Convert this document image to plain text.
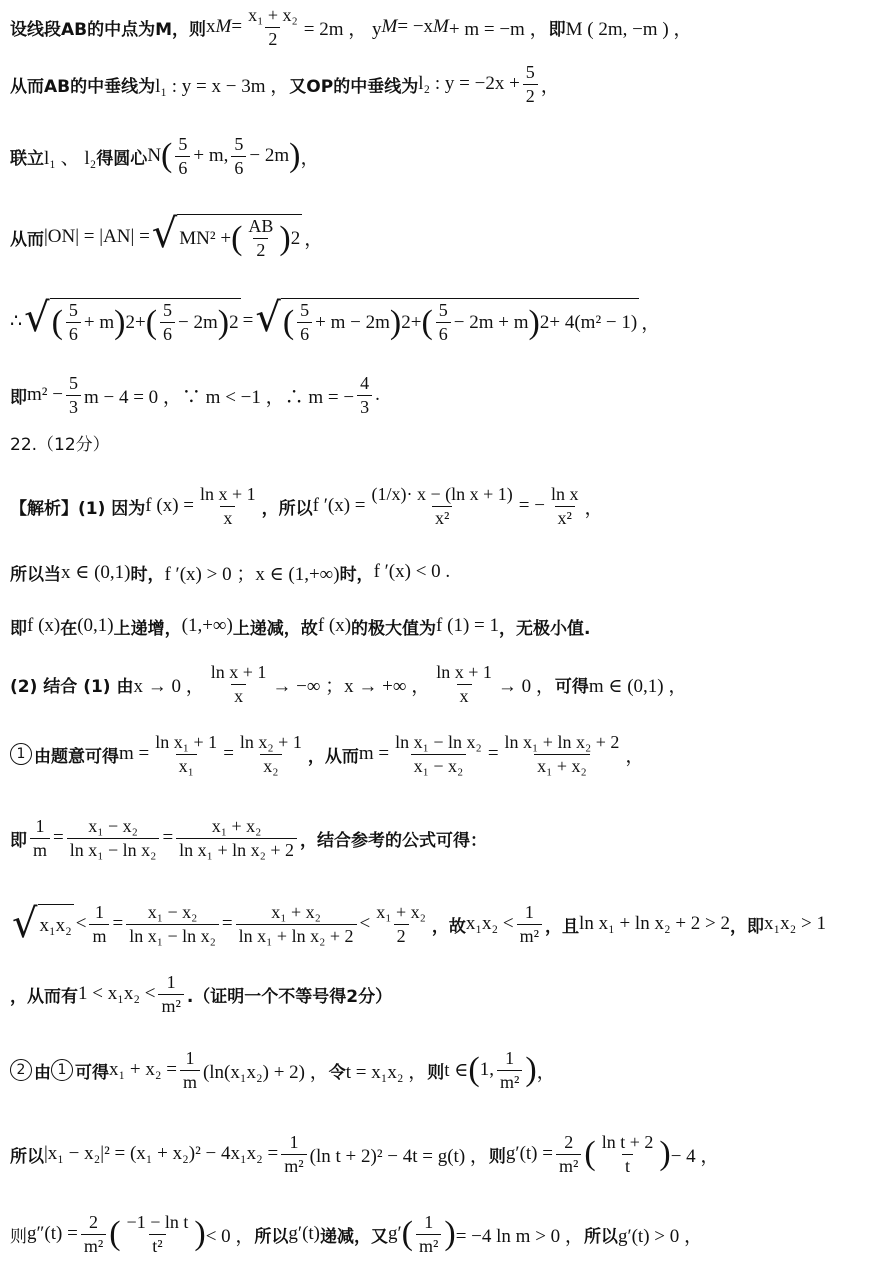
设线段AB的中点为M，则 x $M = \frac{\text{x₁ + x₂}}{2} = 2m$ ， y M = −x M + m = −m ， 即 M ( 2m, −m ) ，
从而AB的中垂线为 l₁ : y = x − 3m ， 又OP的中垂线为 l₂ : $y = -2x + \frac{5}{2}$ ，
联立 l₁ 、 l₂ 得圆心 N ( $\frac{5}{6} + m$, $\frac{5}{6} - 2m$ ) ，
从而 |ON| = |AN| = √ MN² + ( $\frac{AB}{2}$ ) 2 ，
∴ √ ( $\frac{5}{6} + m$ ) 2 + ( $\frac{5}{6} - 2m$ ) 2 = √ ( $\frac{5}{6} + m - 2m$ ) 2 + ( $\frac{5}{6} - 2m + m$ ) 2 + 4(m² − 1) ，
即 $m^2 - \frac{5}{3}$ m − 4 = 0 ，∵ m < −1 ，∴ m = − $\frac{4}{3}$ .
22.（12分）
【解析】 (1) 因为 f $(x) = \frac{\text{ln x + 1}}{x}$ ，所以 f $'(x) = \frac{\text{(1/x)· x − (ln x + 1)}}{\text{x²}}$ = − $\frac{\text{ln x}}{\text{x²}}$ ，
所以当 x ∈ (0,1) 时， f ′(x) > 0 ；x ∈ (1,+∞) 时， f ′(x) < 0 .
即 f (x) 在 (0,1) 上递增， (1,+∞) 上递减，故 f (x) 的极大值为 f (1) = 1 ，无极小值.
(2) 结合 (1) 由 x → 0 ， $\frac{\text{ln x + 1}}{x}$ → −∞ ；x → +∞ ， $\frac{\text{ln x + 1}}{x} \to 0$ ， 可得 m ∈ (0,1) ，
1 由题意可得 $m = \frac{\text{ln x₁ + 1}}{\text{x₁}} = \frac{\text{ln x₂ + 1}}{\text{x₂}}$ ，从而 $m = \frac{\text{ln x₁ − ln x₂}}{\text{x₁ − x₂}} = \frac{\text{ln x₁ + ln x₂ + 2}}{\text{x₁ + x₂}}$ ，
即 $\frac{1}{m} = \frac{\text{x₁ − x₂}}{\text{ln x₁ − ln x₂}} = \frac{\text{x₁ + x₂}}{\text{ln x₁ + ln x₂ + 2}}$ ，结合参考的公式可得：
√ $x_1x_2 < \frac{1}{m} = \frac{\text{x₁ − x₂}}{\text{ln x₁ − ln x₂}} = \frac{\text{x₁ + x₂}}{\text{ln x₁ + ln x₂ + 2}} < \frac{\text{x₁ + x₂}}{2}$ ，故 $x_1x_2 < \frac{1}{\text{m²}}$ ，且 ln x₁ + ln x₂ + 2 > 2 ，即 x₁x₂ > 1
，从而有 $1 < x_1x_2 < \frac{1}{\text{m²}}$ .（证明一个不等号得2分）
2 由 1 可得 $x_1 + x_2 = \frac{1}{m} (\ln(x_1x_2) + 2)$ ， 令 t = x₁x₂ ， 则 t ∈ ( 1, $\frac{1}{\text{m²}}$ ) ，
所以 $|x_1 - x_2|^2 = (x_1 + x_2)^2 - 4x_1x_2 = \frac{1}{\text{m²}} (\ln$ t + 2)² − 4t = g(t) ， 则 $g'(t) = \frac{2}{\text{m²}}$ ( $\frac{\text{ln t + 2}}{t}$ ) − 4 ，
则 $g''(t) = \frac{2}{\text{m²}}$ ( $\frac{\text{−1 − ln t}}{\text{t²}}$ ) < 0 ， 所以 g′(t) 递减，又 g′ ( $\frac{1}{\text{m²}}$ ) = −4 ln m > 0 ， 所以 g′(t) > 0 ，
